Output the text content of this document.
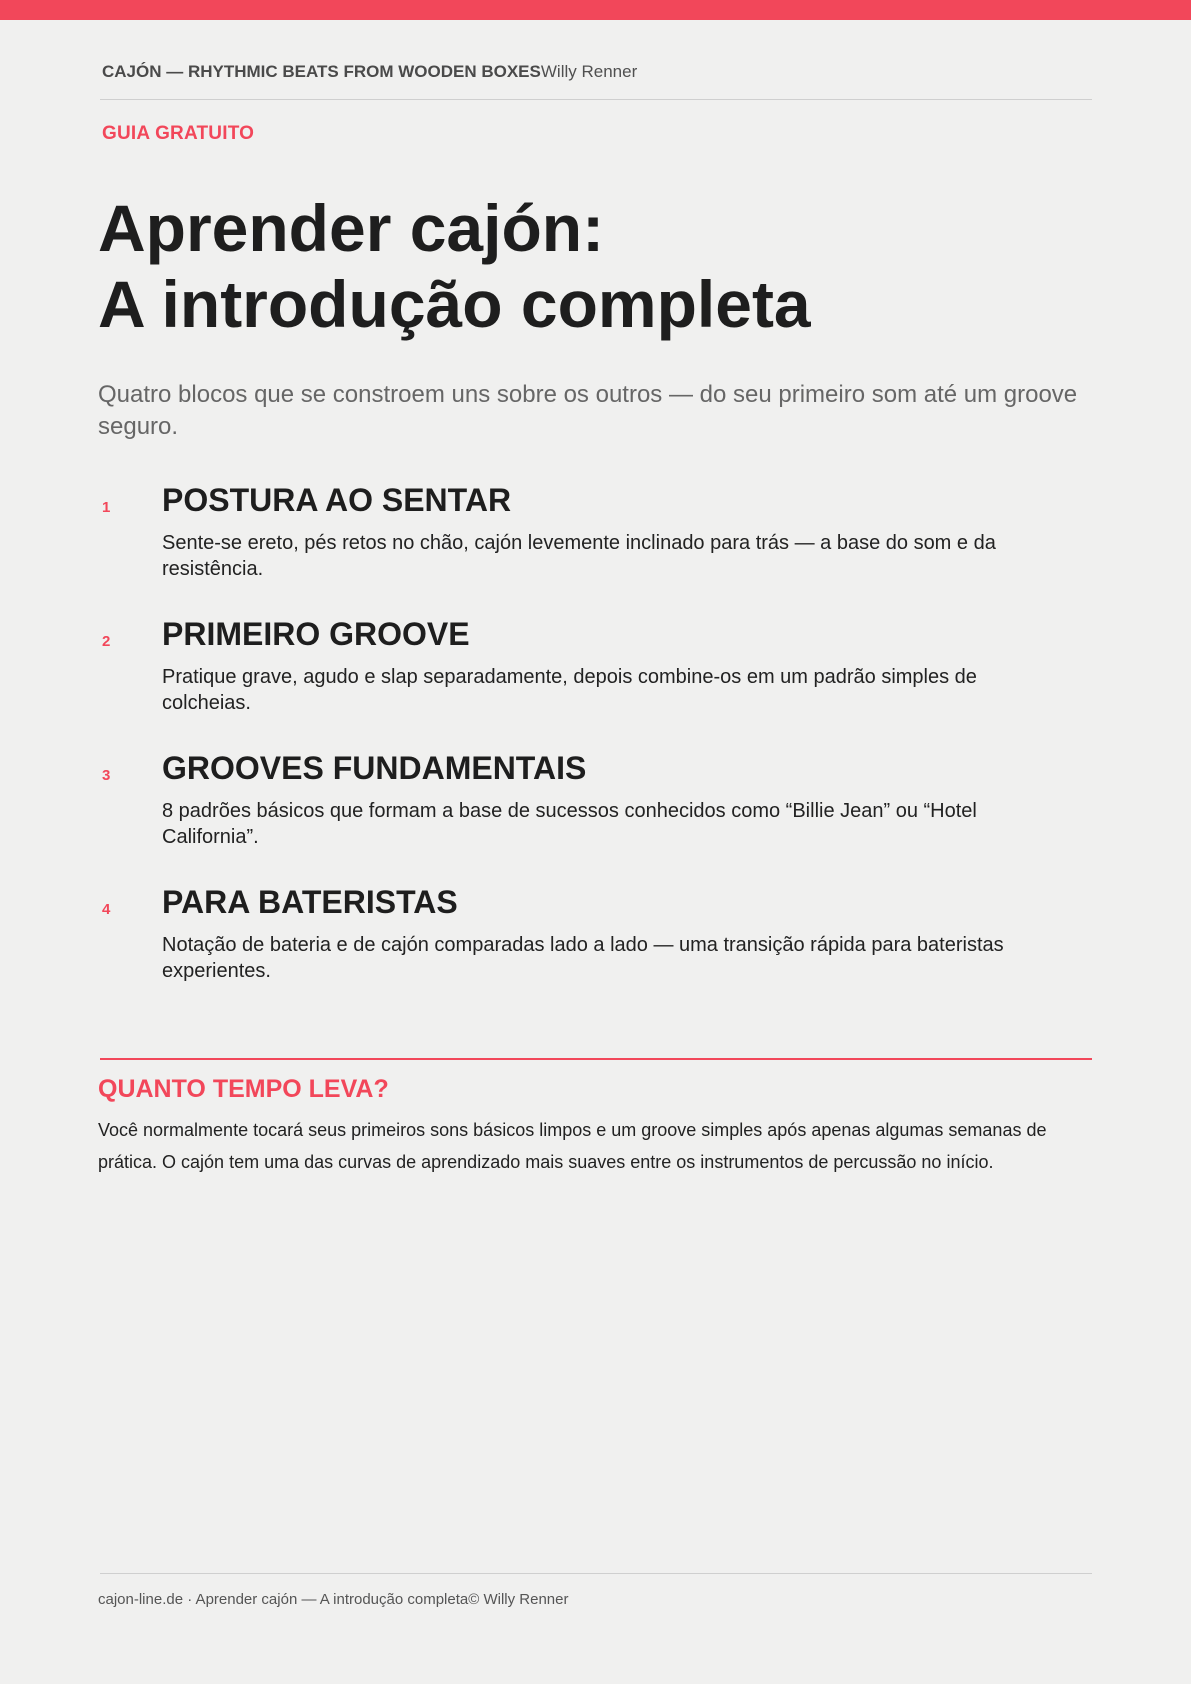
CAJÓN — RHYTHMIC BEATS FROM WOODEN BOXESWilly Renner
GUIA GRATUITO
Aprender cajón:
A introdução completa

Quatro blocos que se constroem uns sobre os outros — do seu primeiro som até um groove seguro.

1 POSTURA AO SENTAR

Sente-se ereto, pés retos no chão, cajón levemente inclinado para trás — a base do som e da resistência.

2 PRIMEIRO GROOVE

Pratique grave, agudo e slap separadamente, depois combine-os em um padrão simples de colcheias.

3 GROOVES FUNDAMENTAIS

8 padrões básicos que formam a base de sucessos conhecidos como “Billie Jean” ou “Hotel California”.

4 PARA BATERISTAS

Notação de bateria e de cajón comparadas lado a lado — uma transição rápida para bateristas experientes.

QUANTO TEMPO LEVA?

Você normalmente tocará seus primeiros sons básicos limpos e um groove simples após apenas algumas semanas de prática. O cajón tem uma das curvas de aprendizado mais suaves entre os instrumentos de percussão no início.

cajon-line.de · Aprender cajón — A introdução completa© Willy Renner
